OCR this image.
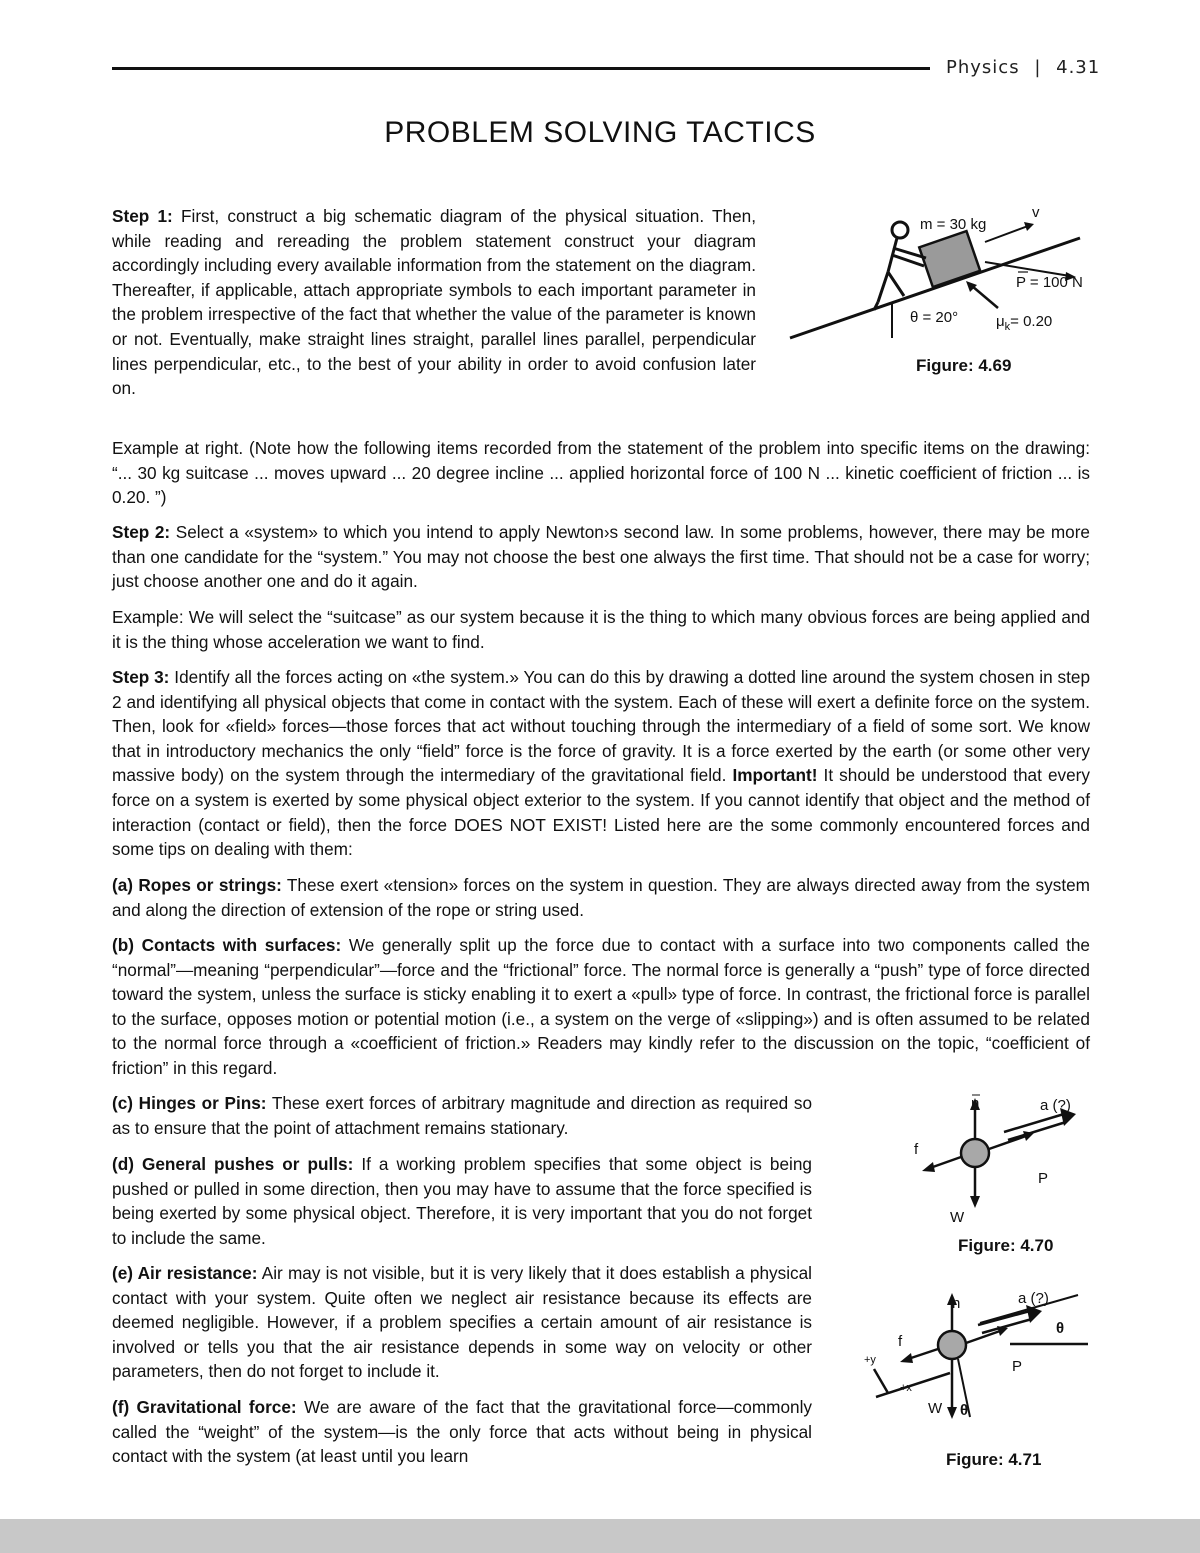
Physics | 4.31
PROBLEM SOLVING TACTICS

Step 1: First, construct a big schematic diagram of the physical situation. Then, while reading and rereading the problem statement construct your diagram accordingly including every available information from the statement on the diagram. Thereafter, if applicable, attach appropriate symbols to each important parameter in the problem irrespective of the fact that whether the value of the parameter is known or not. Eventually, make straight lines straight, parallel lines parallel, perpendicular lines perpendicular, etc., to the best of your ability in order to avoid confusion later on.

v
m = 30 kg
P = 100 N
θ = 20°	$\mu_k= 0.20$
Figure: 4.69

Example at right. (Note how the following items recorded from the statement of the problem into specific items on the drawing: “... 30 kg suitcase ... moves upward ... 20 degree incline ... applied horizontal force of 100 N ... kinetic coefficient of friction ... is 0.20. ”)

Step 2: Select a «system» to which you intend to apply Newton›s second law. In some problems, however, there may be more than one candidate for the “system.” You may not choose the best one always the first time. That should not be a case for worry; just choose another one and do it again.

Example: We will select the “suitcase” as our system because it is the thing to which many obvious forces are being applied and it is the thing whose acceleration we want to find.

Step 3: Identify all the forces acting on «the system.» You can do this by drawing a dotted line around the system chosen in step 2 and identifying all physical objects that come in contact with the system. Each of these will exert a definite force on the system. Then, look for «field» forces—those forces that act without touching through the intermediary of a field of some sort. We know that in introductory mechanics the only “field” force is the force of gravity. It is a force exerted by the earth (or some other very massive body) on the system through the intermediary of the gravitational field. Important! It should be understood that every force on a system is exerted by some physical object exterior to the system. If you cannot identify that object and the method of interaction (contact or field), then the force DOES NOT EXIST! Listed here are the some commonly encountered forces and some tips on dealing with them:

(a) Ropes or strings: These exert «tension» forces on the system in question. They are always directed away from the system and along the direction of extension of the rope or string used.

(b) Contacts with surfaces: We generally split up the force due to contact with a surface into two components called the “normal”—meaning “perpendicular”—force and the “frictional” force. The normal force is generally a “push” type of force directed toward the system, unless the surface is sticky enabling it to exert a «pull» type of force. In contrast, the frictional force is parallel to the surface, opposes motion or potential motion (i.e., a system on the verge of «slipping») and is often assumed to be related to the normal force through a «coefficient of friction.» Readers may kindly refer to the discussion on the topic, “coefficient of friction” in this regard.

(c) Hinges or Pins: These exert forces of arbitrary magnitude and direction as required so as to ensure that the point of attachment remains stationary.

(d) General pushes or pulls: If a working problem specifies that some object is being pushed or pulled in some direction, then you may have to assume that the force specified is being exerted by some physical object. Therefore, it is very important that you do not forget to include the same.

(e) Air resistance: Air may is not visible, but it is very likely that it does establish a physical contact with your system. Quite often we neglect air resistance because its effects are deemed negligible. However, if a problem specifies a certain amount of air resistance is involved or tells you that the air resistance depends in some way on velocity or other parameters, then do not forget to include it.

(f) Gravitational force: We are aware of the fact that the gravitational force—commonly called the “weight” of the system—is the only force that acts without being in physical contact with the system (at least until you learn

n
W
f
P
a (?)
Figure: 4.70
θ
n
W θ
f
P
a (?)
+y
+x
Figure: 4.71
